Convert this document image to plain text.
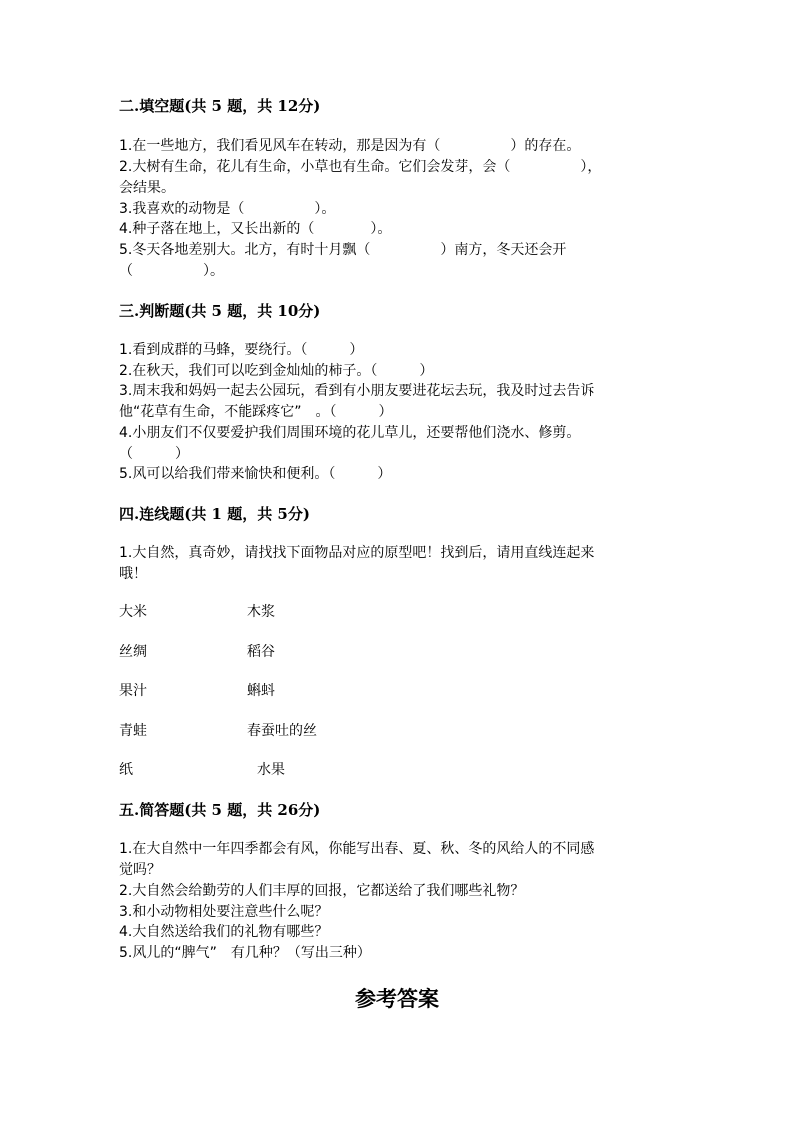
二.填空题(共 5 题，共 12分)
1.在一些地方，我们看见风车在转动，那是因为有（　　　　　）的存在。
2.大树有生命，花儿有生命，小草也有生命。它们会发芽，会（　　　　　），
会结果。
3.我喜欢的动物是（　　　　　）。
4.种子落在地上，又长出新的（　　　　）。
5.冬天各地差别大。北方，有时十月飘（　　　　　）南方，冬天还会开
（　　　　　）。
三.判断题(共 5 题，共 10分)
1.看到成群的马蜂，要绕行。（　　　）
2.在秋天，我们可以吃到金灿灿的柿子。（　　　）
3.周末我和妈妈一起去公园玩，看到有小朋友要进花坛去玩，我及时过去告诉
他“花草有生命，不能踩疼它”　。（　　　）
4.小朋友们不仅要爱护我们周围环境的花儿草儿，还要帮他们浇水、修剪。
（　　　）
5.风可以给我们带来愉快和便利。（　　　）
四.连线题(共 1 题，共 5分)
1.大自然，真奇妙，请找找下面物品对应的原型吧！找到后，请用直线连起来
哦！
大米	木浆
丝绸	稻谷
果汁	蝌蚪
青蛙	春蚕吐的丝
纸	水果
五.简答题(共 5 题，共 26分)
1.在大自然中一年四季都会有风，你能写出春、夏、秋、冬的风给人的不同感
觉吗？
2.大自然会给勤劳的人们丰厚的回报，它都送给了我们哪些礼物？
3.和小动物相处要注意些什么呢？
4.大自然送给我们的礼物有哪些？
5.风儿的“脾气”　有几种？（写出三种）
参考答案
